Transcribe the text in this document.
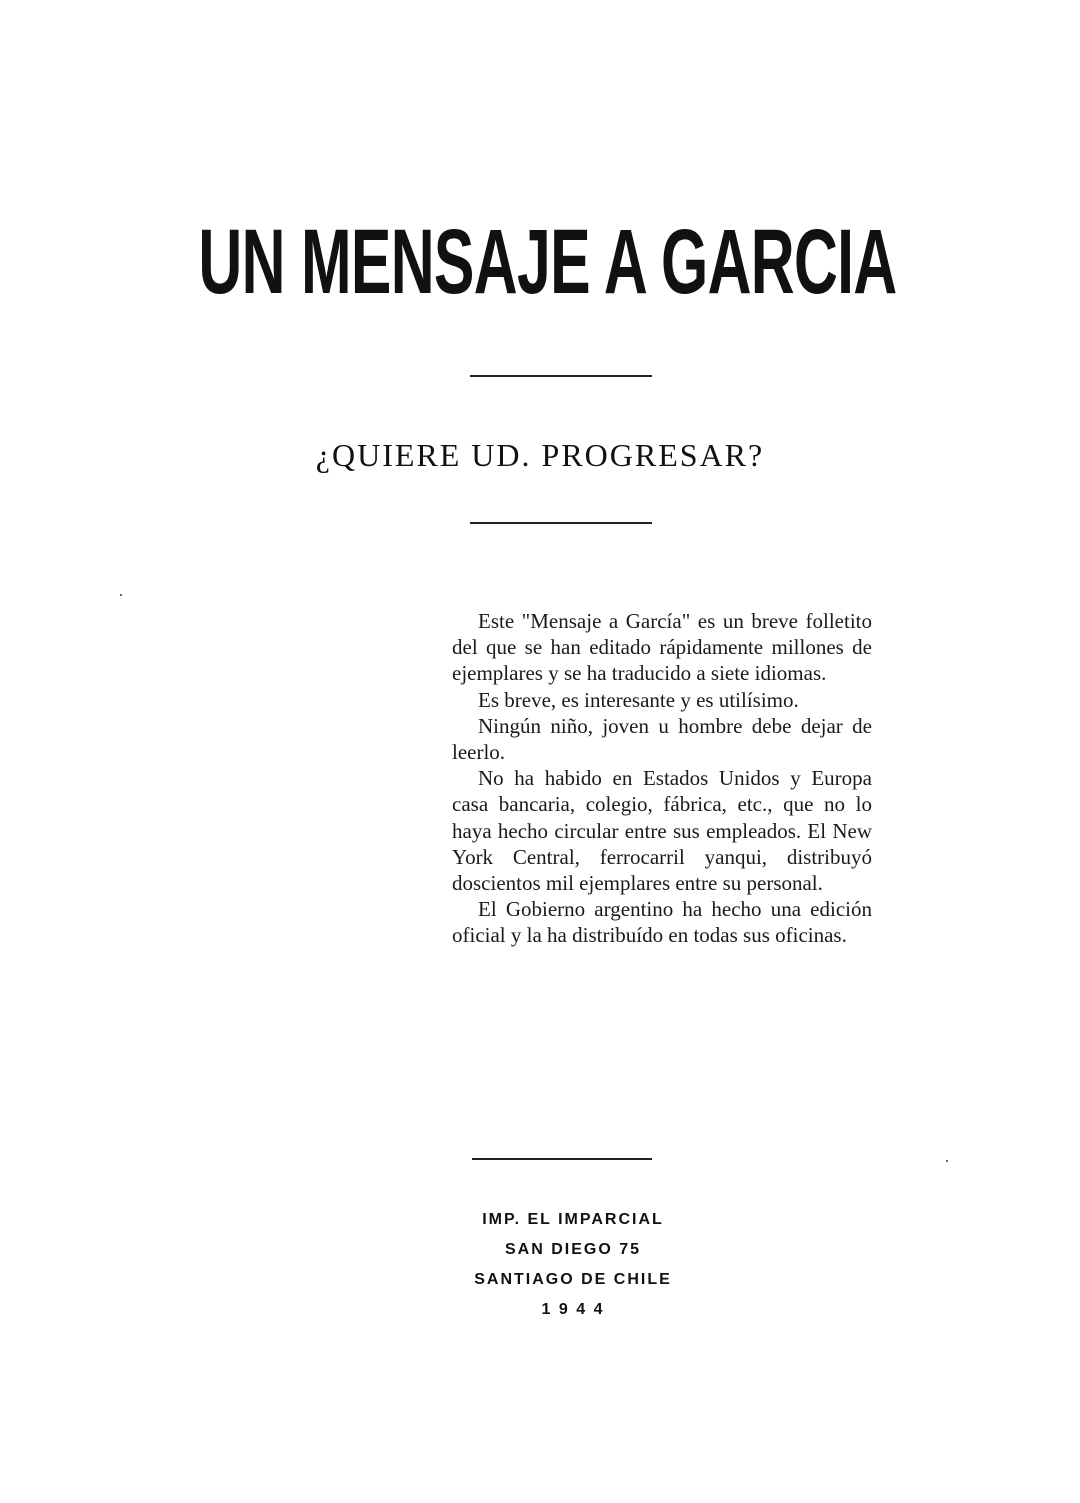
UN MENSAJE A GARCIA
¿QUIERE UD. PROGRESAR?

Este "Mensaje a García" es un breve folletito del que se han editado rápidamente millones de ejemplares y se ha traducido a siete idiomas.

Es breve, es interesante y es utilísimo.

Ningún niño, joven u hombre debe dejar de leerlo.

No ha habido en Estados Unidos y Europa casa bancaria, colegio, fábrica, etc., que no lo haya hecho circular entre sus empleados. El New York Central, ferrocarril yanqui, distribuyó doscientos mil ejemplares entre su personal.

El Gobierno argentino ha hecho una edición oficial y la ha distribuído en todas sus oficinas.

IMP. EL IMPARCIAL
SAN DIEGO 75
SANTIAGO DE CHILE
1 9 4 4
